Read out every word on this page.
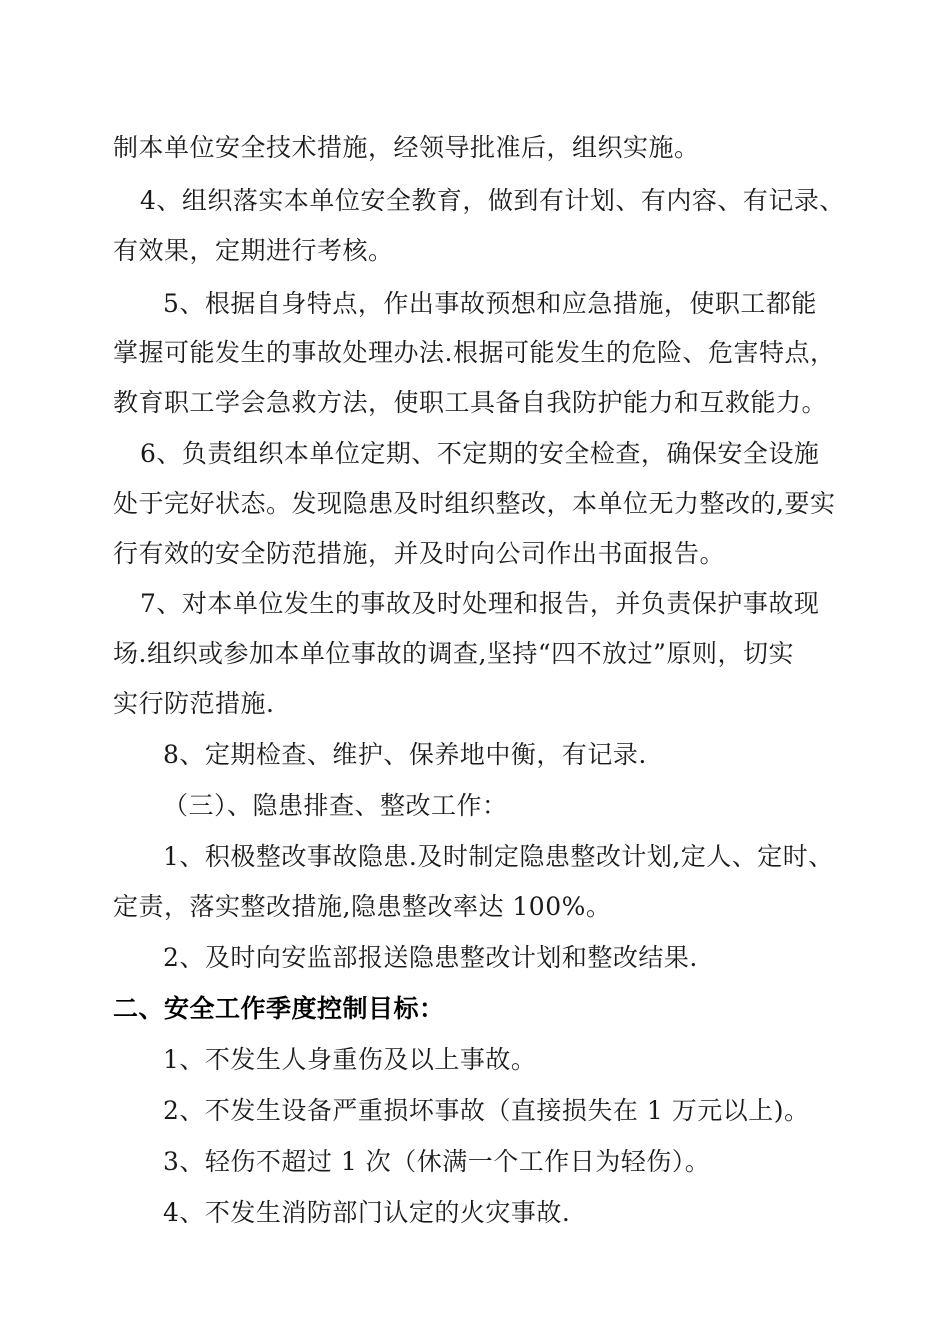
制本单位安全技术措施，经领导批准后，组织实施。

4、组织落实本单位安全教育，做到有计划、有内容、有记录、

有效果，定期进行考核。

5、根据自身特点，作出事故预想和应急措施，使职工都能

掌握可能发生的事故处理办法.根据可能发生的危险、危害特点，

教育职工学会急救方法，使职工具备自我防护能力和互救能力。

6、负责组织本单位定期、不定期的安全检查，确保安全设施

处于完好状态。发现隐患及时组织整改，本单位无力整改的,要实

行有效的安全防范措施，并及时向公司作出书面报告。

7、对本单位发生的事故及时处理和报告，并负责保护事故现

场.组织或参加本单位事故的调查,坚持“四不放过”原则，切实

实行防范措施.

8、定期检查、维护、保养地中衡，有记录.

（三）、隐患排查、整改工作：

1、积极整改事故隐患.及时制定隐患整改计划,定人、定时、

定责，落实整改措施,隐患整改率达 100%。

2、及时向安监部报送隐患整改计划和整改结果.

二、安全工作季度控制目标：

1、不发生人身重伤及以上事故。

2、不发生设备严重损坏事故（直接损失在 1 万元以上)。

3、轻伤不超过 1 次（休满一个工作日为轻伤）。

4、不发生消防部门认定的火灾事故.
